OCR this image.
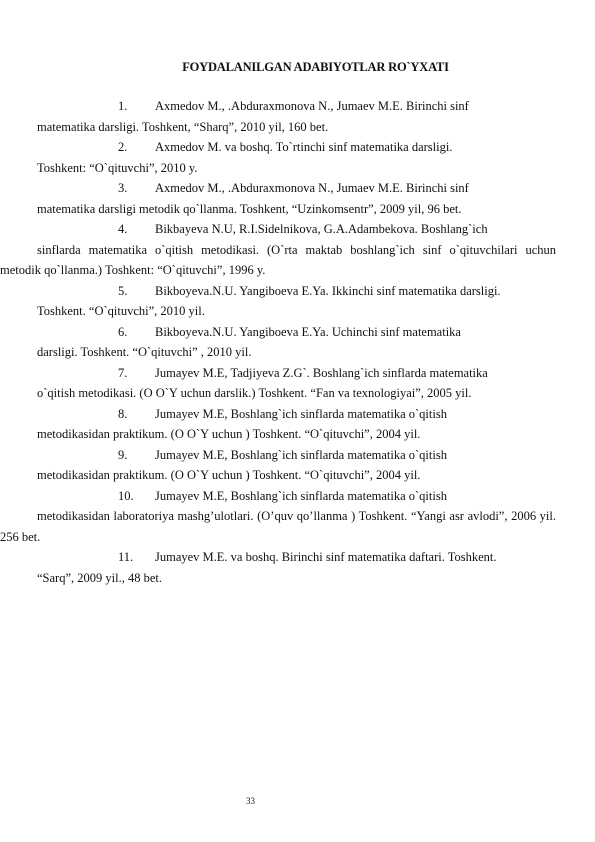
FOYDALANILGAN ADABIYOTLAR RO`YXATI
1. Axmedov M., .Abduraxmonova N., Jumaev M.E. Birinchi sinf
matematika darsligi. Toshkent, “Sharq”, 2010 yil, 160 bet.
2. Axmedov M. va boshq. To`rtinchi sinf matematika darsligi.
Toshkent: “O`qituvchi”, 2010 y.
3. Axmedov M., .Abduraxmonova N., Jumaev M.E. Birinchi sinf
matematika darsligi metodik qo`llanma. Toshkent, “Uzinkomsentr”, 2009 yil, 96 bet.
4. Bikbayeva N.U, R.I.Sidelnikova, G.A.Adambekova. Boshlang`ich
sinflarda matematika o`qitish metodikasi. (O`rta maktab boshlang`ich sinf o`qituvchilari uchun metodik qo`llanma.) Toshkent: “O`qituvchi”, 1996 y.
5. Bikboyeva.N.U. Yangiboeva E.Ya. Ikkinchi sinf matematika darsligi.
Toshkent. “O`qituvchi”, 2010 yil.
6. Bikboyeva.N.U. Yangiboeva E.Ya. Uchinchi sinf matematika
darsligi. Toshkent. “O`qituvchi” , 2010 yil.
7. Jumayev M.E, Tadjiyeva Z.G`. Boshlang`ich sinflarda matematika
o`qitish metodikasi. (O O`Y uchun darslik.) Toshkent. “Fan va texnologiyai”, 2005 yil.
8. Jumayev M.E, Boshlang`ich sinflarda matematika o`qitish
metodikasidan praktikum. (O O`Y uchun ) Toshkent. “O`qituvchi”, 2004 yil.
9. Jumayev M.E, Boshlang`ich sinflarda matematika o`qitish
metodikasidan praktikum. (O O`Y uchun ) Toshkent. “O`qituvchi”, 2004 yil.
10. Jumayev M.E, Boshlang`ich sinflarda matematika o`qitish
metodikasidan laboratoriya mashg’ulotlari. (O’quv qo’llanma ) Toshkent. “Yangi asr avlodi”, 2006 yil. 256 bet.
11. Jumayev M.E. va boshq. Birinchi sinf matematika daftari. Toshkent.
“Sarq”, 2009 yil., 48 bet.
33
